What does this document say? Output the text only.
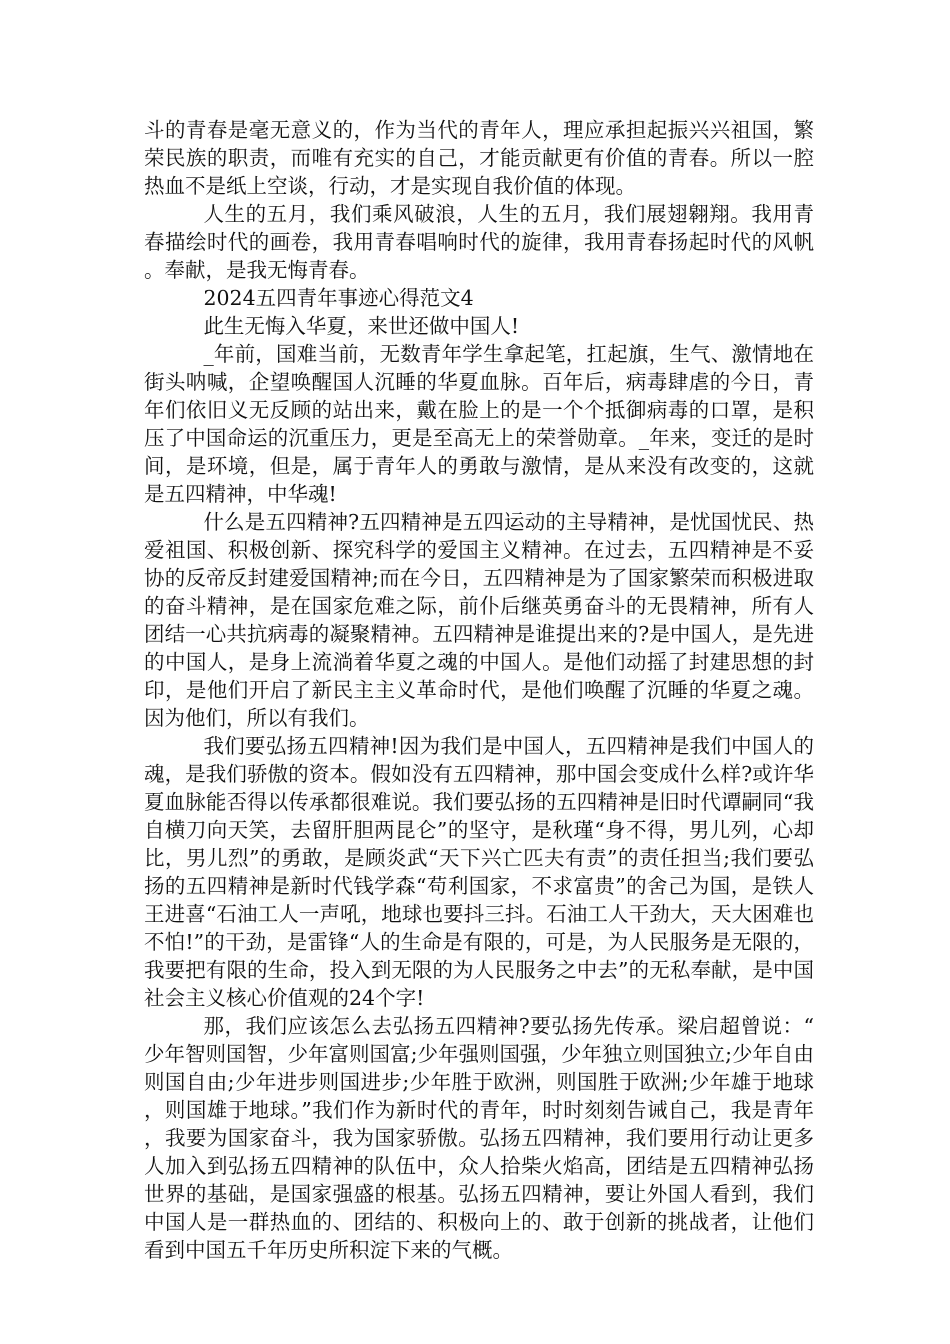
斗的青春是毫无意义的，作为当代的青年人，理应承担起振兴兴祖国，繁荣民族的职责，而唯有充实的自己，才能贡献更有价值的青春。所以一腔热血不是纸上空谈，行动，才是实现自我价值的体现。

人生的五月，我们乘风破浪，人生的五月，我们展翅翱翔。我用青春描绘时代的画卷，我用青春唱响时代的旋律，我用青春扬起时代的风帆。奉献，是我无悔青春。

2024五四青年事迹心得范文4

此生无悔入华夏，来世还做中国人!

_年前，国难当前，无数青年学生拿起笔，扛起旗，生气、激情地在街头呐喊，企望唤醒国人沉睡的华夏血脉。百年后，病毒肆虐的今日，青年们依旧义无反顾的站出来，戴在脸上的是一个个抵御病毒的口罩，是积压了中国命运的沉重压力，更是至高无上的荣誉勋章。_年来，变迁的是时间，是环境，但是，属于青年人的勇敢与激情，是从来没有改变的，这就是五四精神，中华魂!

什么是五四精神?五四精神是五四运动的主导精神，是忧国忧民、热爱祖国、积极创新、探究科学的爱国主义精神。在过去，五四精神是不妥协的反帝反封建爱国精神;而在今日，五四精神是为了国家繁荣而积极进取的奋斗精神，是在国家危难之际，前仆后继英勇奋斗的无畏精神，所有人团结一心共抗病毒的凝聚精神。五四精神是谁提出来的?是中国人，是先进的中国人，是身上流淌着华夏之魂的中国人。是他们动摇了封建思想的封印，是他们开启了新民主主义革命时代，是他们唤醒了沉睡的华夏之魂。因为他们，所以有我们。

我们要弘扬五四精神!因为我们是中国人，五四精神是我们中国人的魂，是我们骄傲的资本。假如没有五四精神，那中国会变成什么样?或许华夏血脉能否得以传承都很难说。我们要弘扬的五四精神是旧时代谭嗣同“我自横刀向天笑，去留肝胆两昆仑”的坚守，是秋瑾“身不得，男儿列，心却比，男儿烈”的勇敢，是顾炎武“天下兴亡匹夫有责”的责任担当;我们要弘扬的五四精神是新时代钱学森“苟利国家，不求富贵”的舍己为国，是铁人王进喜“石油工人一声吼，地球也要抖三抖。石油工人干劲大，天大困难也不怕!”的干劲，是雷锋“人的生命是有限的，可是，为人民服务是无限的，我要把有限的生命，投入到无限的为人民服务之中去”的无私奉献，是中国社会主义核心价值观的24个字!

那，我们应该怎么去弘扬五四精神?要弘扬先传承。梁启超曾说：“少年智则国智，少年富则国富;少年强则国强，少年独立则国独立;少年自由则国自由;少年进步则国进步;少年胜于欧洲，则国胜于欧洲;少年雄于地球，则国雄于地球。”我们作为新时代的青年，时时刻刻告诫自己，我是青年，我要为国家奋斗，我为国家骄傲。弘扬五四精神，我们要用行动让更多人加入到弘扬五四精神的队伍中，众人拾柴火焰高，团结是五四精神弘扬世界的基础，是国家强盛的根基。弘扬五四精神，要让外国人看到，我们中国人是一群热血的、团结的、积极向上的、敢于创新的挑战者，让他们看到中国五千年历史所积淀下来的气概。
